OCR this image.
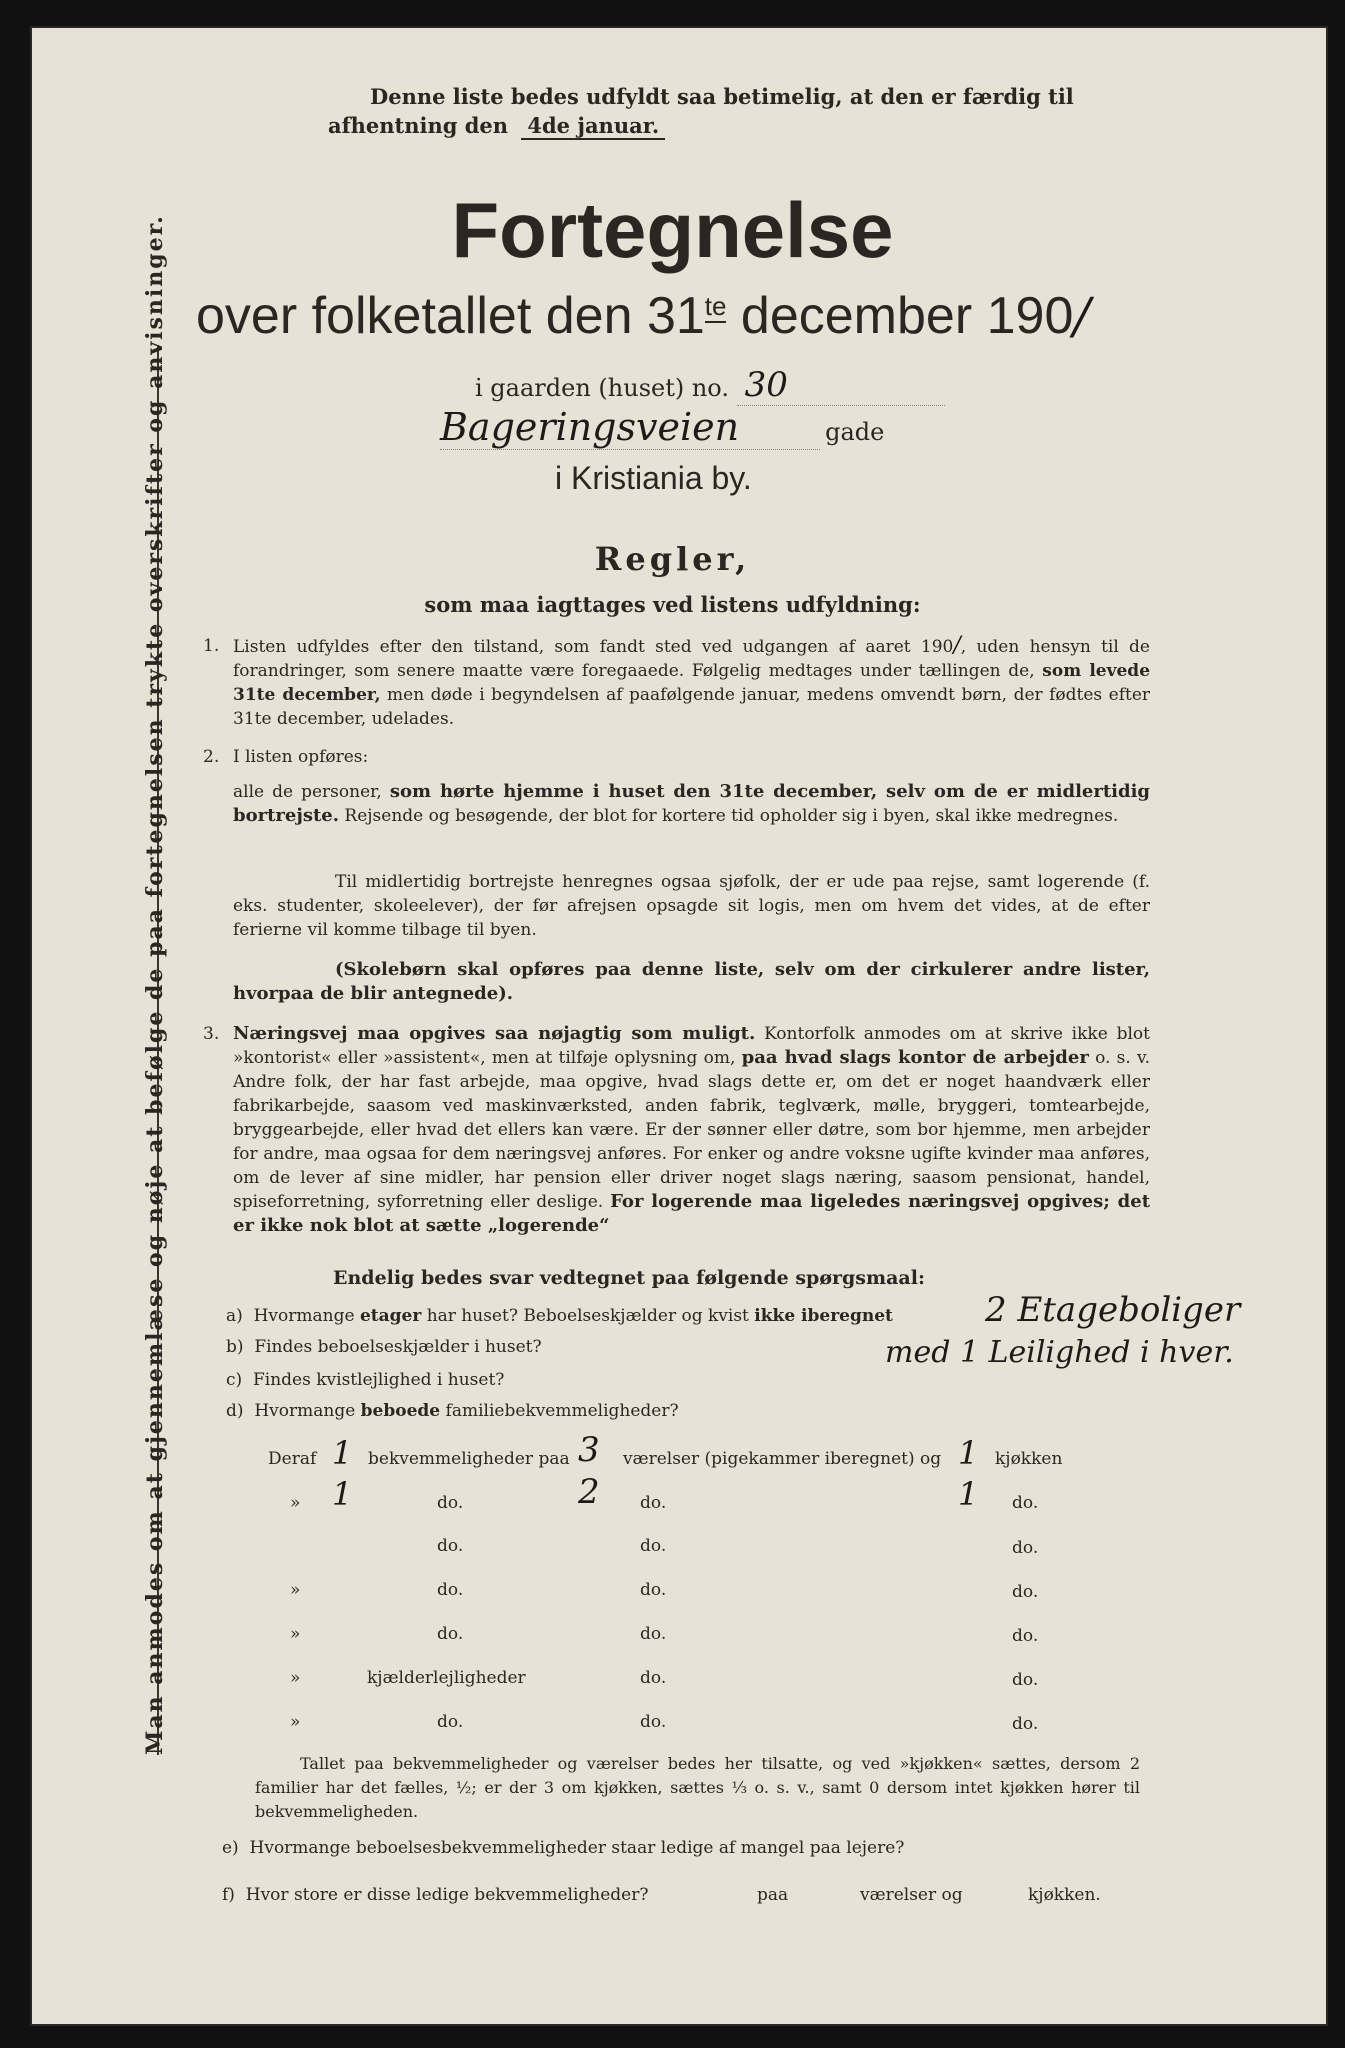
Man anmodes om at gjennemlæse og nøje at befølge de paa fortegnelsen trykte overskrifter og anvisninger.
Denne liste bedes udfyldt saa betimelig, at den er færdig til
afhentning den 4de januar.
Fortegnelse
over folketallet den $31^{te}$ december 190/
i gaarden (huset) no. 30
Bageringsveien	gade
i Kristiania by.
Regler,
som maa iagttages ved listens udfyldning:
1. Listen udfyldes efter den tilstand, som fandt sted ved udgangen af aaret 190/, uden hensyn til de forandringer, som senere maatte være foregaaede. Følgelig medtages under tællingen de, som levede 31te december, men døde i begyndelsen af paafølgende januar, medens omvendt børn, der fødtes efter 31te december, udelades.
2. I listen opføres:
alle de personer, som hørte hjemme i huset den 31te december, selv om de er midlertidig bortrejste. Rejsende og besøgende, der blot for kortere tid opholder sig i byen, skal ikke medregnes.
Til midlertidig bortrejste henregnes ogsaa sjøfolk, der er ude paa rejse, samt logerende (f. eks. studenter, skoleelever), der før afrejsen opsagde sit logis, men om hvem det vides, at de efter ferierne vil komme tilbage til byen.
(Skolebørn skal opføres paa denne liste, selv om der cirkulerer andre lister, hvorpaa de blir antegnede).
3. Næringsvej maa opgives saa nøjagtig som muligt. Kontorfolk anmodes om at skrive ikke blot »kontorist« eller »assistent«, men at tilføje oplysning om, paa hvad slags kontor de arbejder o. s. v. Andre folk, der har fast arbejde, maa opgive, hvad slags dette er, om det er noget haandværk eller fabrikarbejde, saasom ved maskinværksted, anden fabrik, teglværk, mølle, bryggeri, tomtearbejde, bryggearbejde, eller hvad det ellers kan være. Er der sønner eller døtre, som bor hjemme, men arbejder for andre, maa ogsaa for dem næringsvej anføres. For enker og andre voksne ugifte kvinder maa anføres, om de lever af sine midler, har pension eller driver noget slags næring, saasom pensionat, handel, spiseforretning, syforretning eller deslige. For logerende maa ligeledes næringsvej opgives; det er ikke nok blot at sætte „logerende“
Endelig bedes svar vedtegnet paa følgende spørgsmaal:
a) Hvormange etager har huset? Beboelseskjælder og kvist ikke iberegnet	2 Etageboliger
b) Findes beboelseskjælder i huset?	med 1 Leilighed i hver.
c) Findes kvistlejlighed i huset?
d) Hvormange beboede familiebekvemmeligheder?
Deraf 1 bekvemmeligheder paa 3 værelser (pigekammer iberegnet) og 1 kjøkken
» 1	do.	2 do.	1 do.
do.	do.	do.
»	do.	do.	do.
»	do.	do.	do.
»	kjælderlejligheder	do.	do.
»	do.	do.	do.
Tallet paa bekvemmeligheder og værelser bedes her tilsatte, og ved »kjøkken« sættes, dersom 2 familier har det fælles, ½; er der 3 om kjøkken, sættes ⅓ o. s. v., samt 0 dersom intet kjøkken hører til bekvemmeligheden.
e) Hvormange beboelsesbekvemmeligheder staar ledige af mangel paa lejere?
f) Hvor store er disse ledige bekvemmeligheder?	paa	værelser og	kjøkken.
